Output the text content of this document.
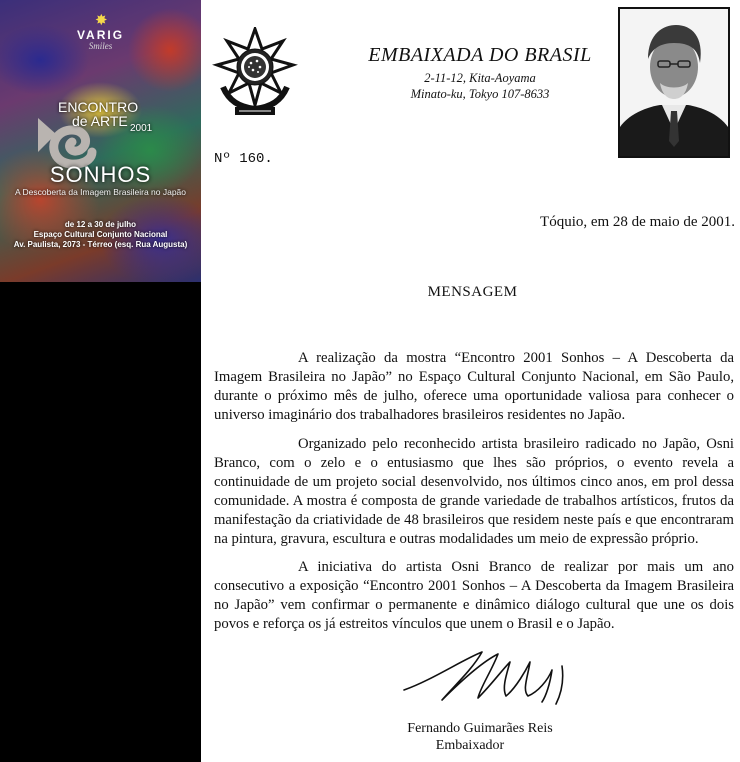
✸
VARIG
Smiles
ENCONTRO
de ARTE 2001
SONHOS
A Descoberta da Imagem Brasileira no Japão
de 12 a 30 de julho
Espaço Cultural Conjunto Nacional
Av. Paulista, 2073 - Térreo (esq. Rua Augusta)
EMBAIXADA DO BRASIL
2-11-12, Kita-Aoyama
Minato-ku, Tokyo 107-8633
Nº 160.
Tóquio, em 28 de maio de 2001.
MENSAGEM

A realização da mostra “Encontro 2001 Sonhos – A Descoberta da Imagem Brasileira no Japão” no Espaço Cultural Conjunto Nacional, em São Paulo, durante o próximo mês de julho, oferece uma oportunidade valiosa para conhecer o universo imaginário dos trabalhadores brasileiros residentes no Japão.

Organizado pelo reconhecido artista brasileiro radicado no Japão, Osni Branco, com o zelo e o entusiasmo que lhes são próprios, o evento revela a continuidade de um projeto social desenvolvido, nos últimos cinco anos, em prol dessa comunidade. A mostra é composta de grande variedade de trabalhos artísticos, frutos da manifestação da criatividade de 48 brasileiros que residem neste país e que encontraram na pintura, gravura, escultura e outras modalidades um meio de expressão próprio.

A iniciativa do artista Osni Branco de realizar por mais um ano consecutivo a exposição “Encontro 2001 Sonhos – A Descoberta da Imagem Brasileira no Japão” vem confirmar o permanente e dinâmico diálogo cultural que une os dois povos e reforça os já estreitos vínculos que unem o Brasil e o Japão.

Fernando Guimarães Reis
Embaixador
